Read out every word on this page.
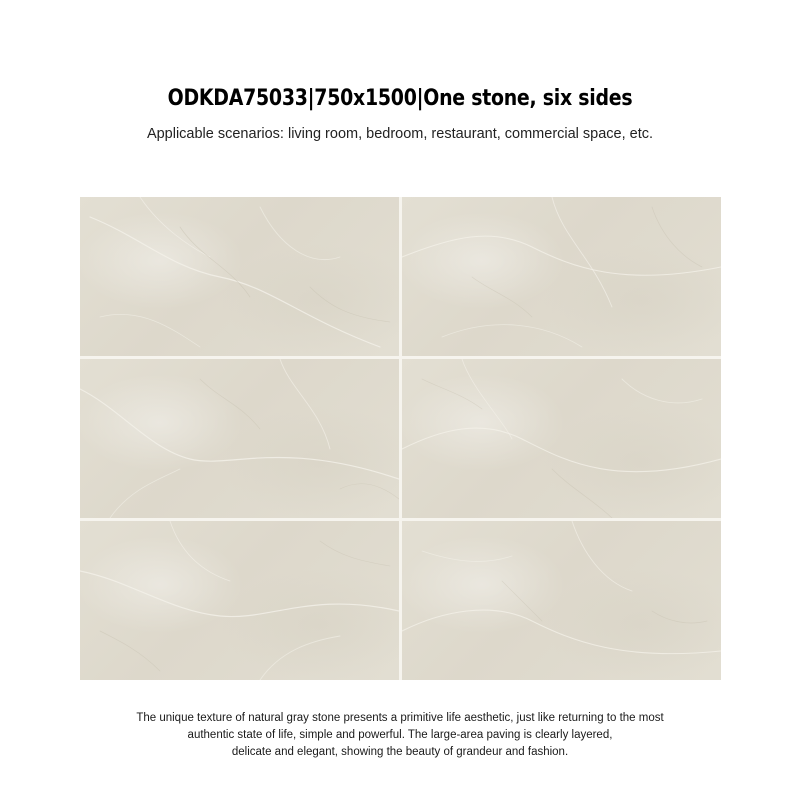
ODKDA75033|750x1500|One stone, six sides
Applicable scenarios: living room, bedroom, restaurant, commercial space, etc.
The unique texture of natural gray stone presents a primitive life aesthetic, just like returning to the most
authentic state of life, simple and powerful. The large-area paving is clearly layered,
delicate and elegant, showing the beauty of grandeur and fashion.
